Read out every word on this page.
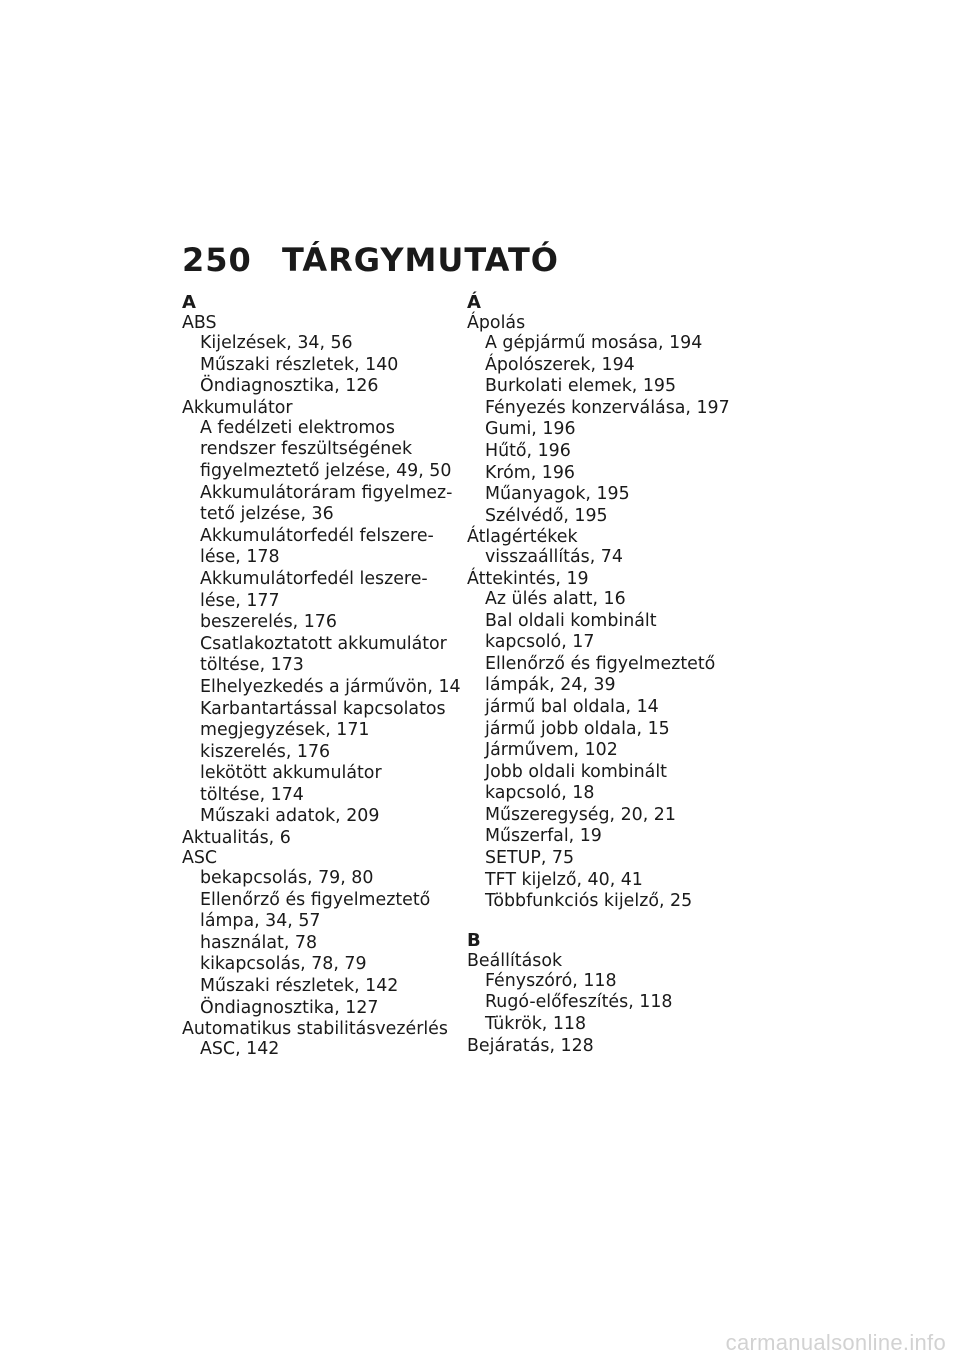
250 TÁRGYMUTATÓ
A
ABS
Kijelzések, 34, 56
Műszaki részletek, 140
Öndiagnosztika, 126
Akkumulátor
A fedélzeti elektromos
rendszer feszültségének
figyelmeztető jelzése, 49, 50
Akkumulátoráram figyelmez-
tető jelzése, 36
Akkumulátorfedél felszere-
lése, 178
Akkumulátorfedél leszere-
lése, 177
beszerelés, 176
Csatlakoztatott akkumulátor
töltése, 173
Elhelyezkedés a járművön, 14
Karbantartással kapcsolatos
megjegyzések, 171
kiszerelés, 176
lekötött akkumulátor
töltése, 174
Műszaki adatok, 209
Aktualitás, 6
ASC
bekapcsolás, 79, 80
Ellenőrző és figyelmeztető
lámpa, 34, 57
használat, 78
kikapcsolás, 78, 79
Műszaki részletek, 142
Öndiagnosztika, 127
Automatikus stabilitásvezérlés
ASC, 142
Á
Ápolás
A gépjármű mosása, 194
Ápolószerek, 194
Burkolati elemek, 195
Fényezés konzerválása, 197
Gumi, 196
Hűtő, 196
Króm, 196
Műanyagok, 195
Szélvédő, 195
Átlagértékek
visszaállítás, 74
Áttekintés, 19
Az ülés alatt, 16
Bal oldali kombinált
kapcsoló, 17
Ellenőrző és figyelmeztető
lámpák, 24, 39
jármű bal oldala, 14
jármű jobb oldala, 15
Járművem, 102
Jobb oldali kombinált
kapcsoló, 18
Műszeregység, 20, 21
Műszerfal, 19
SETUP, 75
TFT kijelző, 40, 41
Többfunkciós kijelző, 25
B
Beállítások
Fényszóró, 118
Rugó-előfeszítés, 118
Tükrök, 118
Bejáratás, 128
carmanualsonline.info
